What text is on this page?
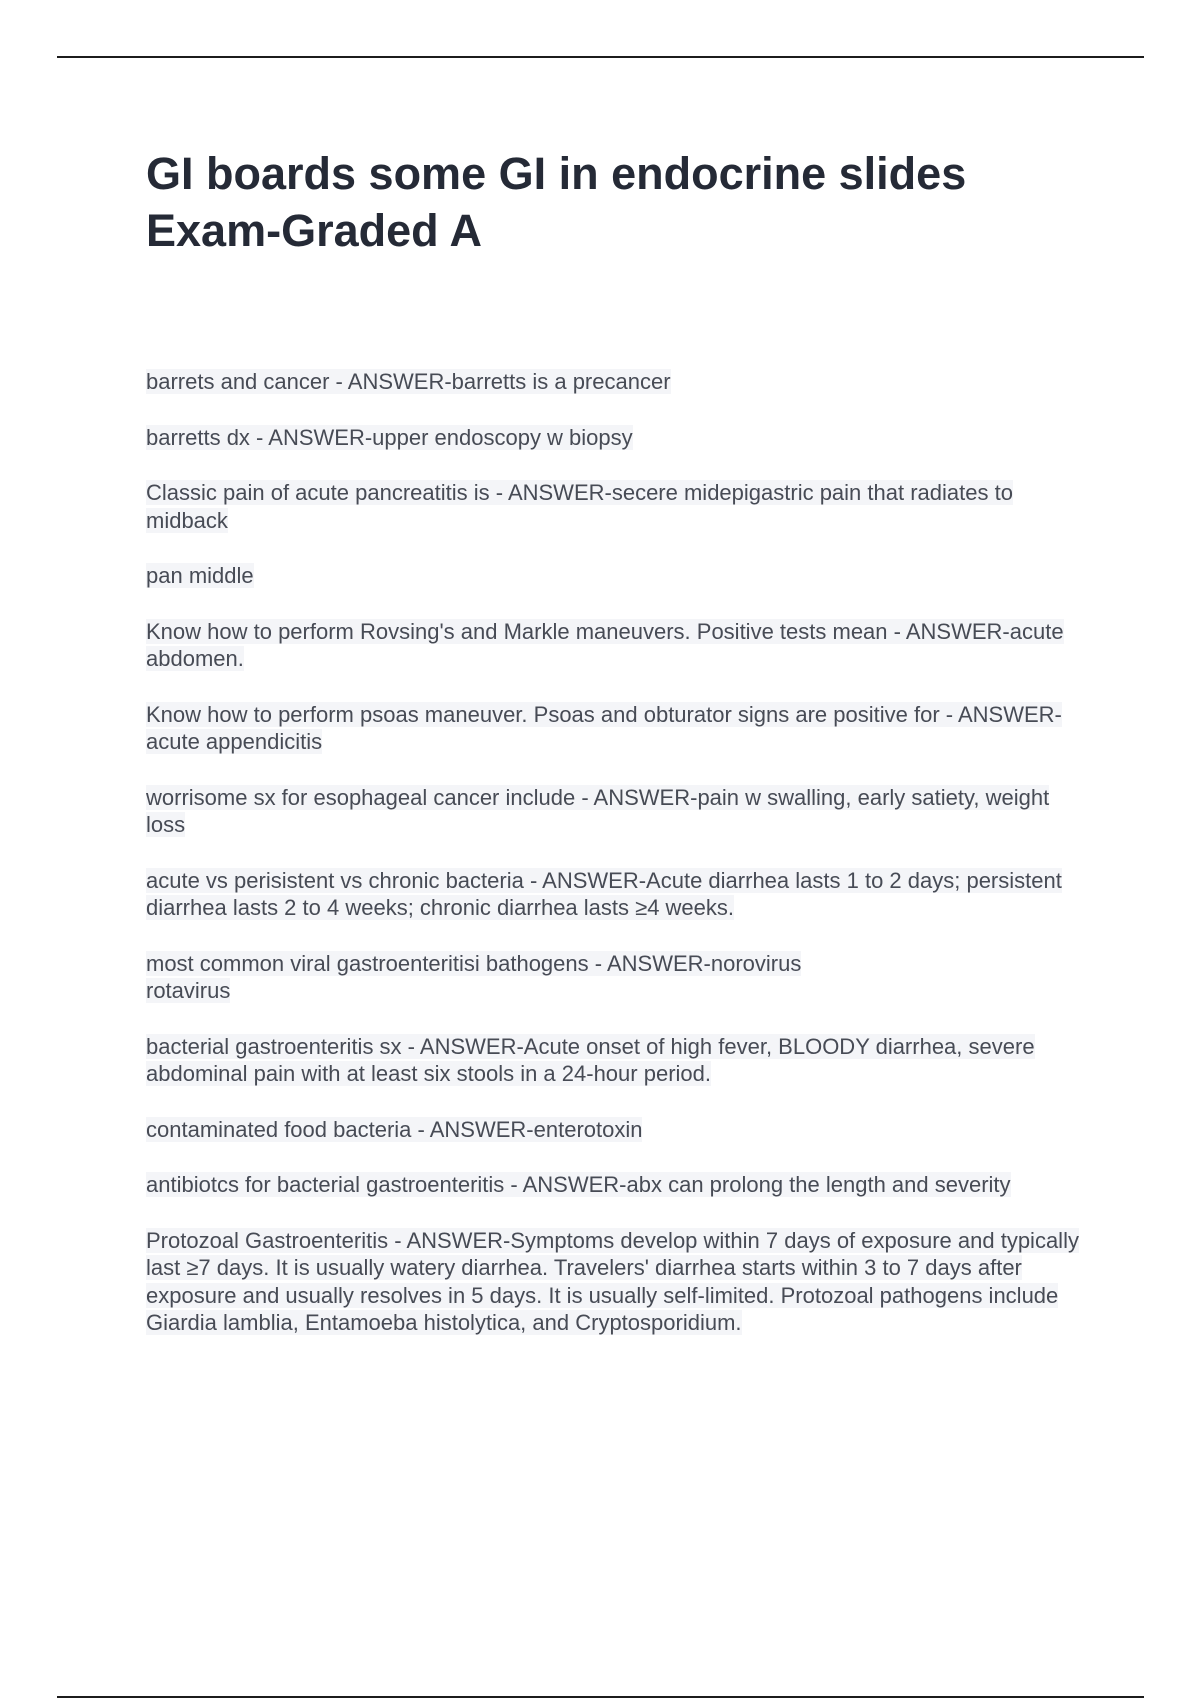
GI boards some GI in endocrine slides Exam-Graded A
barrets and cancer - ANSWER-barretts is a precancer
barretts dx - ANSWER-upper endoscopy w biopsy
Classic pain of acute pancreatitis is - ANSWER-secere midepigastric pain that radiates to midback
pan middle
Know how to perform Rovsing's and Markle maneuvers. Positive tests mean - ANSWER-acute abdomen.
Know how to perform psoas maneuver. Psoas and obturator signs are positive for - ANSWER-acute appendicitis
worrisome sx for esophageal cancer include - ANSWER-pain w swalling, early satiety, weight loss
acute vs perisistent vs chronic bacteria - ANSWER-Acute diarrhea lasts 1 to 2 days; persistent diarrhea lasts 2 to 4 weeks; chronic diarrhea lasts ≥4 weeks.
most common viral gastroenteritisi bathogens - ANSWER-norovirus
rotavirus
bacterial gastroenteritis sx - ANSWER-Acute onset of high fever, BLOODY diarrhea, severe abdominal pain with at least six stools in a 24-hour period.
contaminated food bacteria - ANSWER-enterotoxin
antibiotcs for bacterial gastroenteritis - ANSWER-abx can prolong the length and severity
Protozoal Gastroenteritis - ANSWER-Symptoms develop within 7 days of exposure and typically last ≥7 days. It is usually watery diarrhea. Travelers' diarrhea starts within 3 to 7 days after exposure and usually resolves in 5 days. It is usually self-limited. Protozoal pathogens include Giardia lamblia, Entamoeba histolytica, and Cryptosporidium.
